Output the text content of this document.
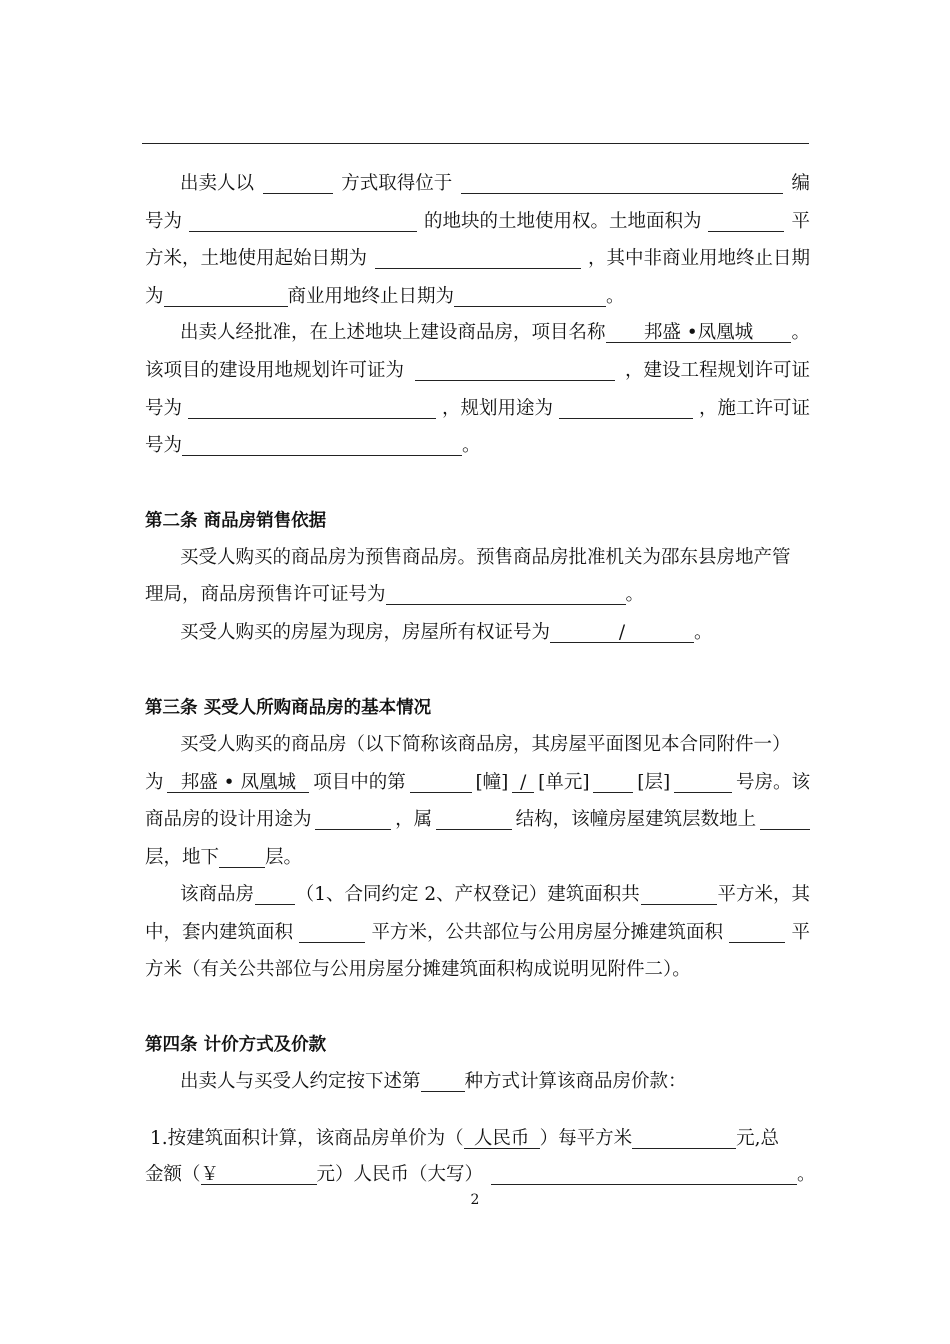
出卖人以	方式取得位于	编
号为	的地块的土地使用权。土地面积为	平
方米，土地使用起始日期为	，其中非商业用地终止日期
为	商业用地终止日期为	。
出卖人经批准，在上述地块上建设商品房，项目名称	邦盛 •凤凰城	。
该项目的建设用地规划许可证为	，建设工程规划许可证
号为	，规划用途为	，施工许可证
号为	。
第二条 商品房销售依据
买受人购买的商品房为预售商品房。预售商品房批准机关为邵东县房地产管
理局，商品房预售许可证号为	。
买受人购买的房屋为现房，房屋所有权证号为	/	。
第三条 买受人所购商品房的基本情况
买受人购买的商品房（以下简称该商品房，其房屋平面图见本合同附件一）
为 邦盛 • 凤凰城 项目中的第	[幢] / [单元]	[层]	号房。该
商品房的设计用途为	，属	结构，该幢房屋建筑层数地上
层，地下 层。
该商品房 （1、合同约定 2、产权登记）建筑面积共	平方米，其
中，套内建筑面积	平方米，公共部位与公用房屋分摊建筑面积	平
方米（有关公共部位与公用房屋分摊建筑面积构成说明见附件二）。
第四条 计价方式及价款
出卖人与买受人约定按下述第 种方式计算该商品房价款：
1.按建筑面积计算，该商品房单价为（ 人民币 ）每平方米	元,总
金额（￥	元）人民币（大写）	。
2
